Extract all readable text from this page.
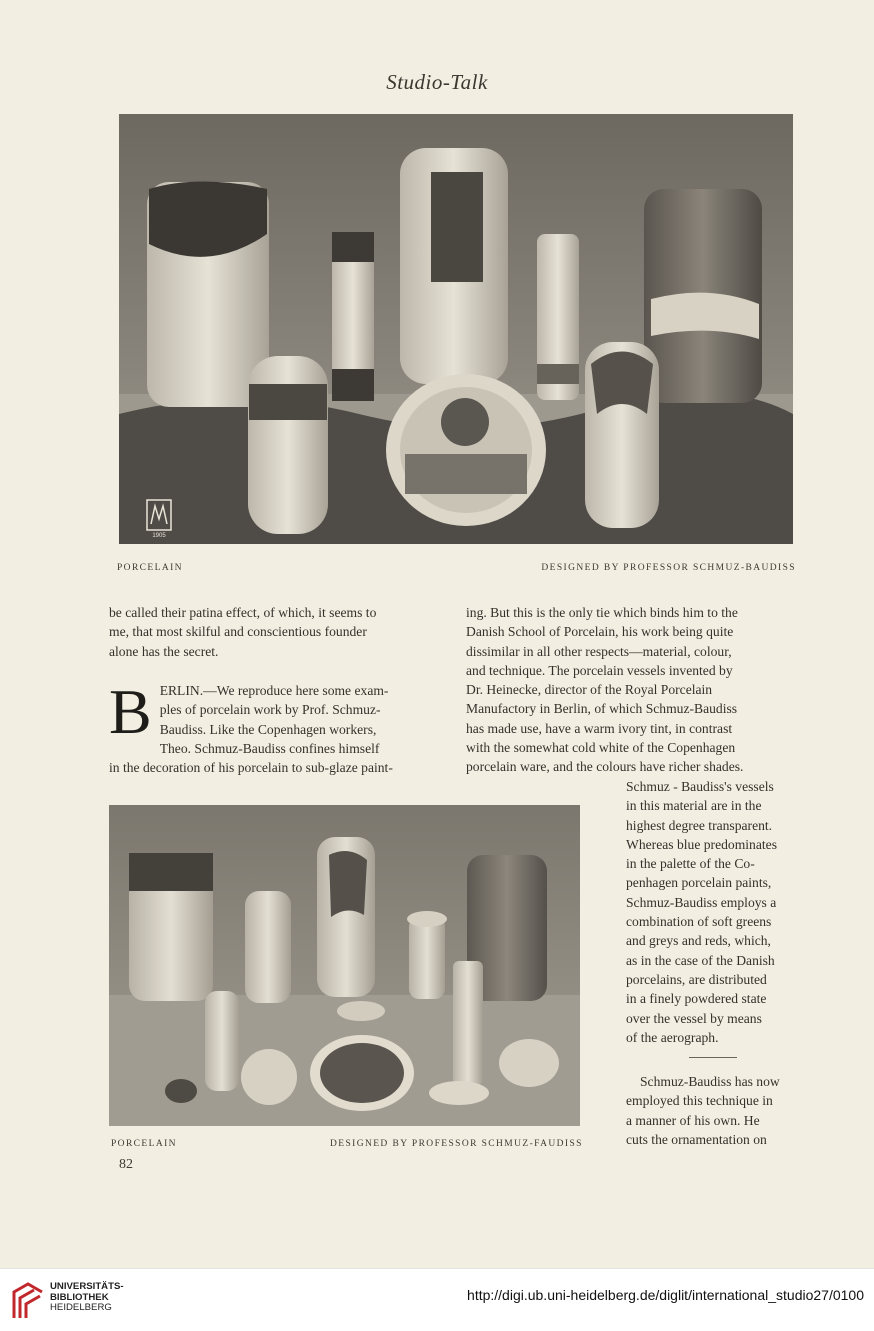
Studio-Talk
1905
PORCELAIN	DESIGNED BY PROFESSOR SCHMUZ-BAUDISS

be called their patina effect, of which, it seems to

me, that most skilful and conscientious founder

alone has the secret.

B ERLIN.—We reproduce here some exam-
ples of porcelain work by Prof. Schmuz-
Baudiss. Like the Copenhagen workers,
Theo. Schmuz-Baudiss confines himself
in the decoration of his porcelain to sub-glaze paint-

ing. But this is the only tie which binds him to the

Danish School of Porcelain, his work being quite

dissimilar in all other respects—material, colour,

and technique. The porcelain vessels invented by

Dr. Heinecke, director of the Royal Porcelain

Manufactory in Berlin, of which Schmuz-Baudiss

has made use, have a warm ivory tint, in contrast

with the somewhat cold white of the Copenhagen

porcelain ware, and the colours have richer shades.

Schmuz - Baudiss's vessels

in this material are in the

highest degree transparent.

Whereas blue predominates

in the palette of the Co-

penhagen porcelain paints,

Schmuz-Baudiss employs a

combination of soft greens

and greys and reds, which,

as in the case of the Danish

porcelains, are distributed

in a finely powdered state

over the vessel by means

of the aerograph.

Schmuz-Baudiss has now

employed this technique in

a manner of his own. He

cuts the ornamentation on

PORCELAIN	DESIGNED BY PROFESSOR SCHMUZ-FAUDISS
82
UNIVERSITÄTS-
BIBLIOTHEK
HEIDELBERG
http://digi.ub.uni-heidelberg.de/diglit/international_studio27/0100
